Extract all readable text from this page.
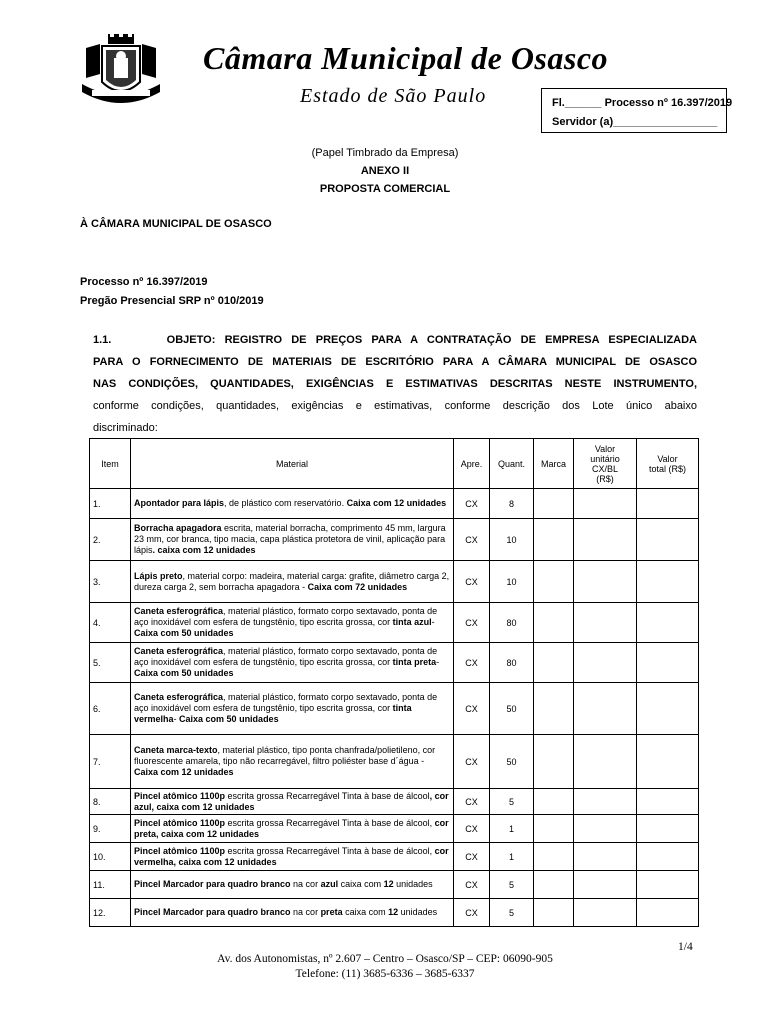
Câmara Municipal de Osasco
Estado de São Paulo	Fl.______ Processo nº 16.397/2019
Servidor (a)_________________
(Papel Timbrado da Empresa)
ANEXO II
PROPOSTA COMERCIAL
À CÂMARA MUNICIPAL DE OSASCO
Processo nº 16.397/2019
Pregão Presencial SRP nº 010/2019
1.1.      OBJETO: REGISTRO DE PREÇOS PARA A CONTRATAÇÃO DE EMPRESA ESPECIALIZADA
PARA O FORNECIMENTO DE MATERIAIS DE ESCRITÓRIO PARA A CÂMARA MUNICIPAL DE OSASCO
NAS CONDIÇÕES, QUANTIDADES, EXIGÊNCIAS E ESTIMATIVAS DESCRITAS NESTE INSTRUMENTO,
conforme condições, quantidades, exigências e estimativas, conforme descrição dos Lote único abaixo
discriminado:
Item	Material	Apre.	Quant.	Marca	Valor
unitário
CX/BL
(R$)	Valor
total (R$)
1.	Apontador para lápis, de plástico com reservatório. Caixa com 12 unidades	CX	8			
2.	Borracha apagadora escrita, material borracha, comprimento 45 mm, largura 23 mm, cor branca, tipo macia, capa plástica protetora de vinil, aplicação para lápis. caixa com 12 unidades	CX	10			
3.	Lápis preto, material corpo: madeira, material carga: grafite, diâmetro carga 2, dureza carga 2, sem borracha apagadora - Caixa com 72 unidades	CX	10			
4.	Caneta esferográfica, material plástico, formato corpo sextavado, ponta de aço inoxidável com esfera de tungstênio, tipo escrita grossa, cor tinta azul- Caixa com 50 unidades	CX	80			
5.	Caneta esferográfica, material plástico, formato corpo sextavado, ponta de aço inoxidável com esfera de tungstênio, tipo escrita grossa, cor tinta preta- Caixa com 50 unidades	CX	80			
6.	Caneta esferográfica, material plástico, formato corpo sextavado, ponta de aço inoxidável com esfera de tungstênio, tipo escrita grossa, cor tinta vermelha- Caixa com 50 unidades	CX	50			
7.	Caneta marca-texto, material plástico, tipo ponta chanfrada/polietileno, cor fluorescente amarela, tipo não recarregável, filtro poliéster base d´água - Caixa com 12 unidades	CX	50			
8.	Pincel atômico 1100p escrita grossa Recarregável Tinta à base de álcool, cor azul, caixa com 12 unidades	CX	5			
9.	Pincel atômico 1100p escrita grossa Recarregável Tinta à base de álcool, cor preta, caixa com 12 unidades	CX	1			
10.	Pincel atômico 1100p escrita grossa Recarregável Tinta à base de álcool, cor vermelha, caixa com 12 unidades	CX	1			
11.	Pincel Marcador para quadro branco na cor azul caixa com 12 unidades	CX	5			
12.	Pincel Marcador para quadro branco na cor preta caixa com 12 unidades	CX	5			
1/4
Av. dos Autonomistas, nº 2.607 – Centro – Osasco/SP – CEP: 06090-905
Telefone: (11) 3685-6336 – 3685-6337
